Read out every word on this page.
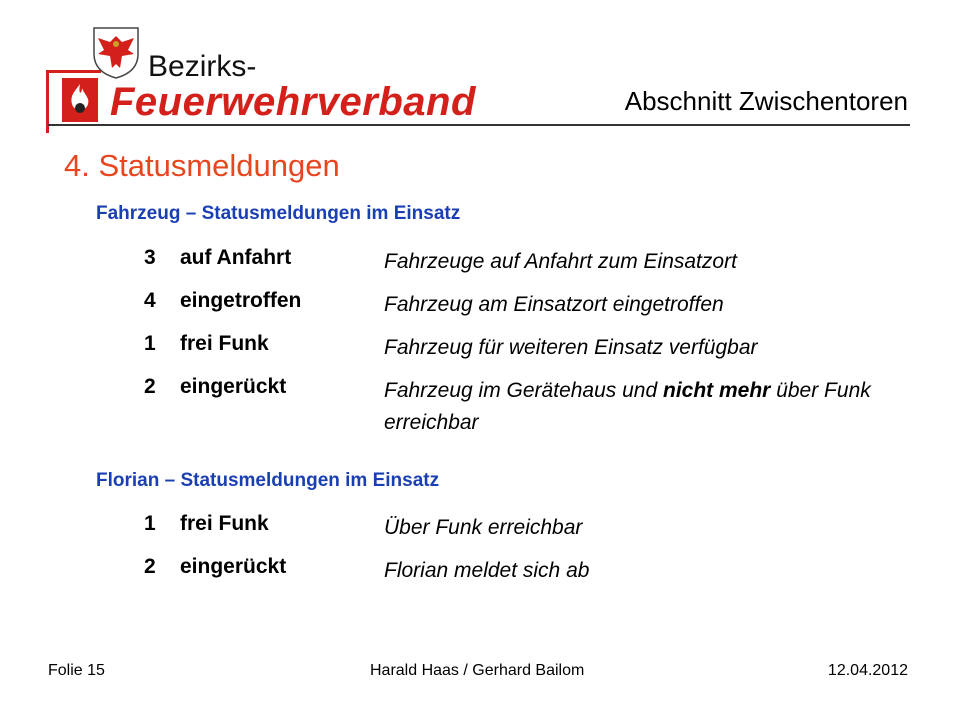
Bezirks-
Feuerwehrverband	Abschnitt Zwischentoren
4. Statusmeldungen
Fahrzeug – Statusmeldungen im Einsatz
3 auf Anfahrt	Fahrzeuge auf Anfahrt zum Einsatzort
4 eingetroffen	Fahrzeug am Einsatzort eingetroffen
1 frei Funk	Fahrzeug für weiteren Einsatz verfügbar
2 eingerückt	Fahrzeug im Gerätehaus und nicht mehr über Funk erreichbar
Florian – Statusmeldungen im Einsatz
1 frei Funk	Über Funk erreichbar
2 eingerückt	Florian meldet sich ab
Folie 15	Harald Haas / Gerhard Bailom	12.04.2012
